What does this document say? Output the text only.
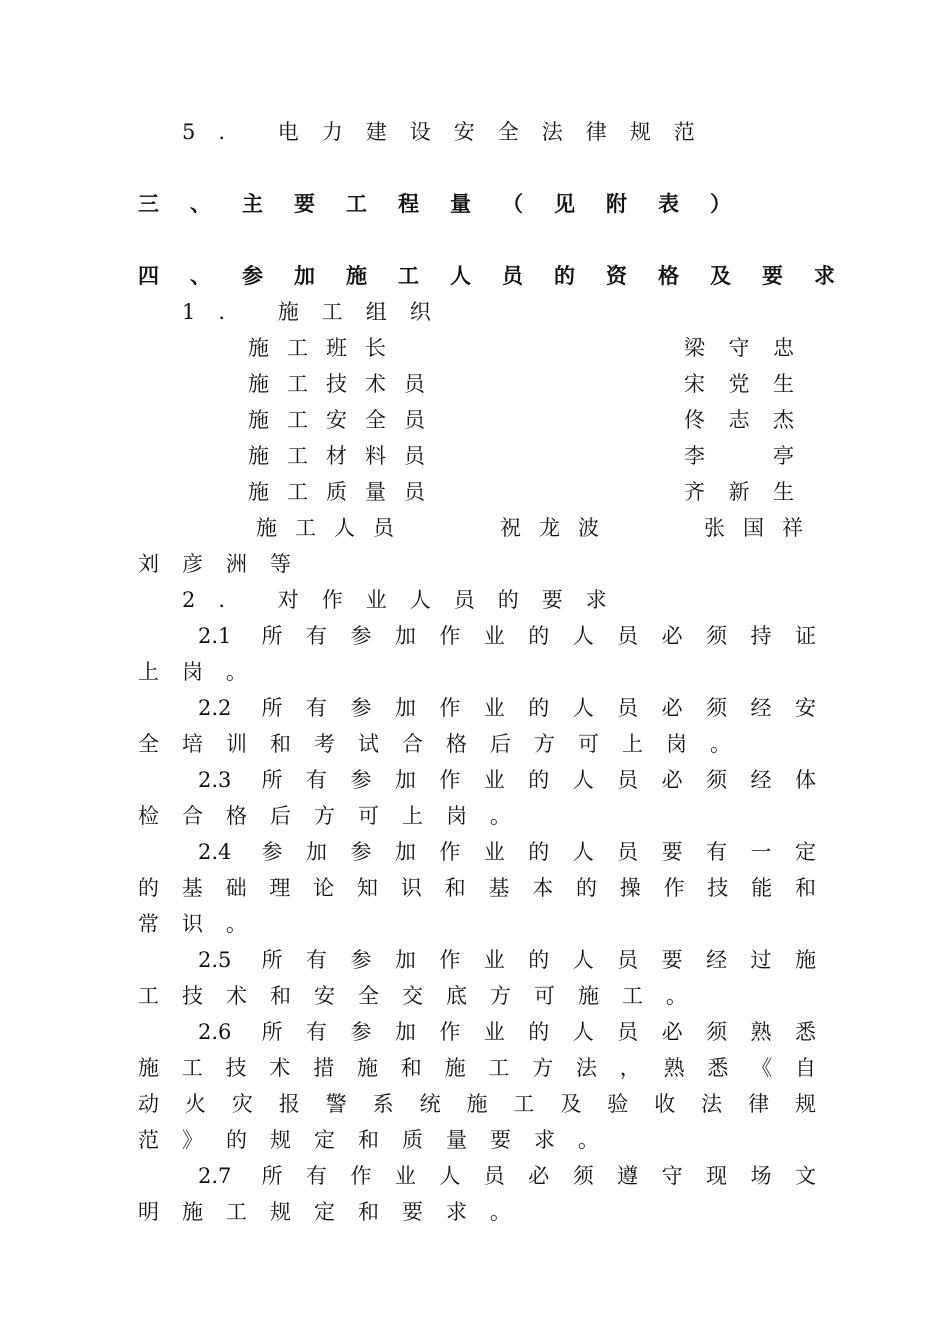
5. 电力建设安全法律规范
三、主要工程量（见附表）
四、参加施工人员的资格及要求
1. 施工组织
施工班长	梁守忠
施工技术员	宋党生
施工安全员	佟志杰
施工材料员	李 亭
施工质量员	齐新生
施工人员	祝龙波	张国祥
刘彦洲等
2. 对作业人员的要求
2.1 所有参加作业的人员必须持证
上岗。
2.2 所有参加作业的人员必须经安
全培训和考试合格后方可上岗。
2.3 所有参加作业的人员必须经体
检合格后方可上岗。
2.4 参加参加作业的人员要有一定
的基础理论知识和基本的操作技能和
常识。
2.5 所有参加作业的人员要经过施
工技术和安全交底方可施工。
2.6 所有参加作业的人员必须熟悉
施工技术措施和施工方法，熟悉《自
动火灾报警系统施工及验收法律规
范》的规定和质量要求。
2.7 所有作业人员必须遵守现场文
明施工规定和要求。
